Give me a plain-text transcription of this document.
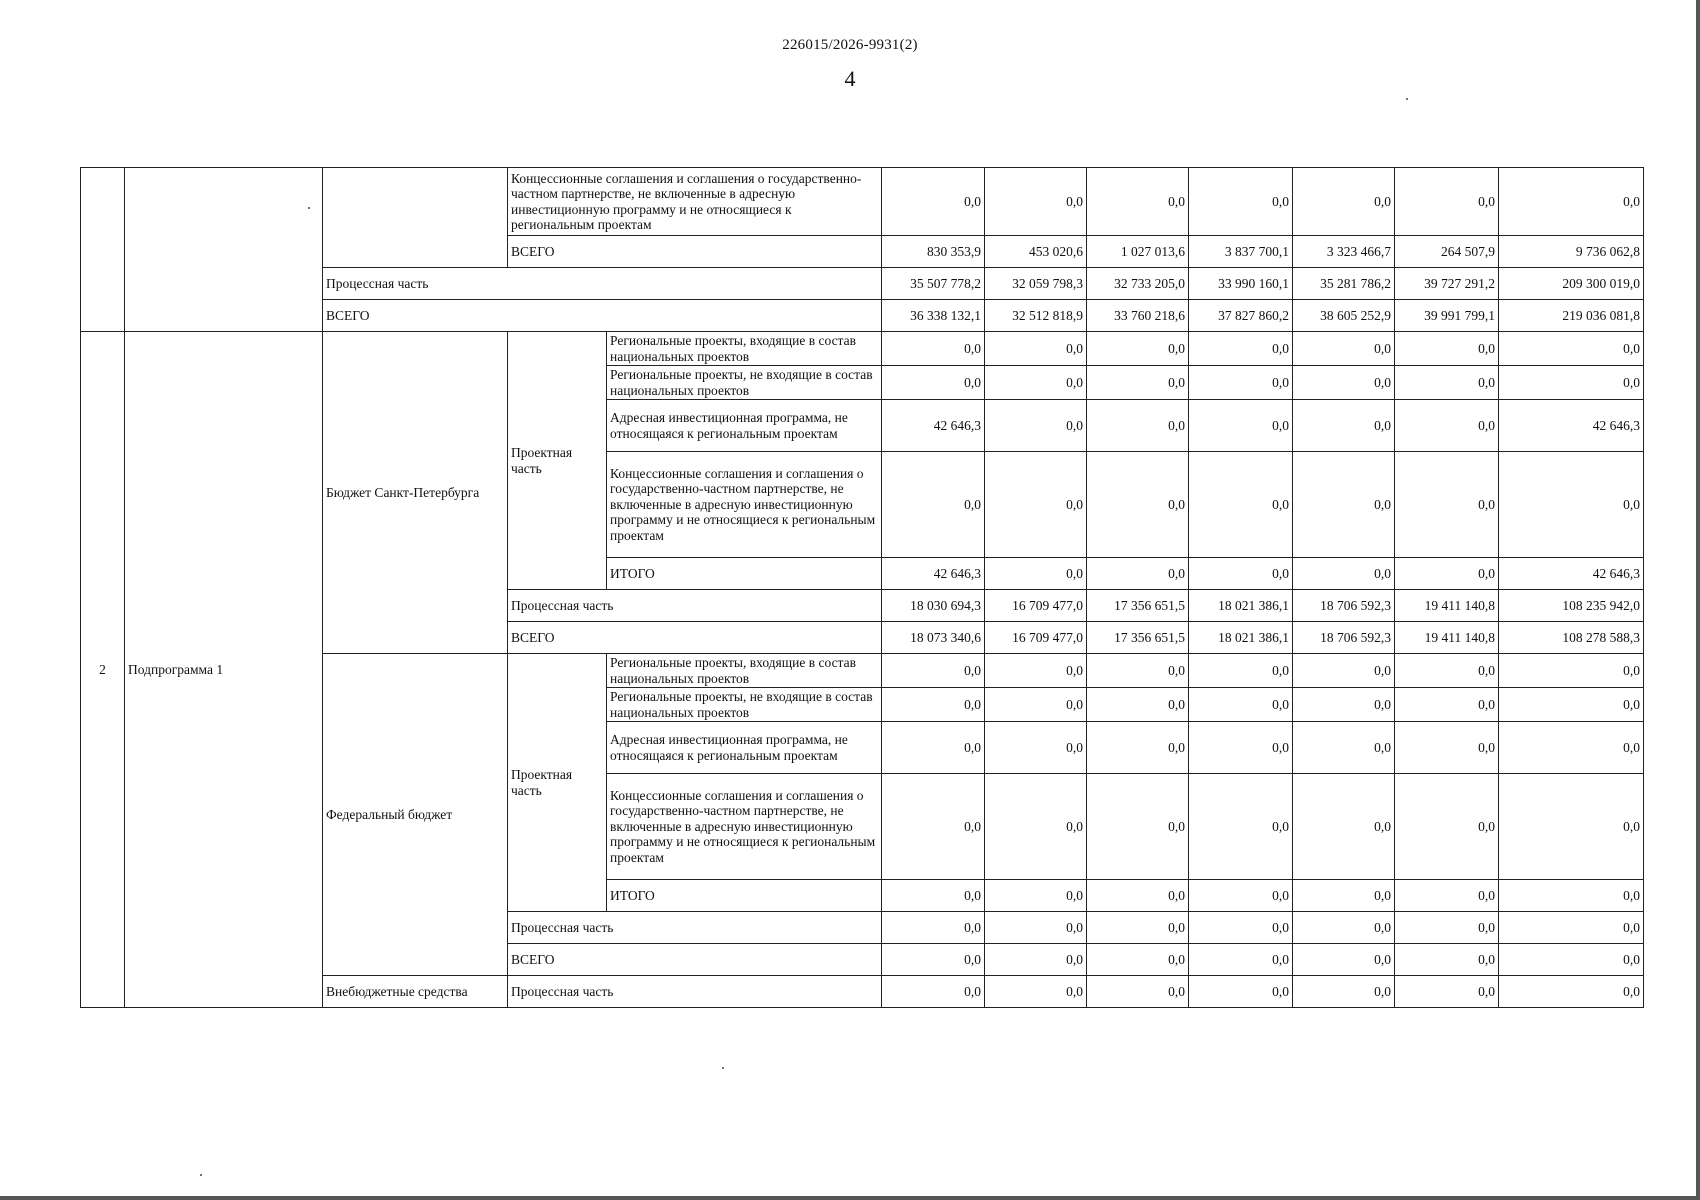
226015/2026-9931(2)
4
			Концессионные соглашения и соглашения о государственно-частном партнерстве, не включенные в адресную инвестиционную программу и не относящиеся к региональным проектам		0,0	0,0	0,0	0,0	0,0	0,0	0,0
			ВСЕГО		830 353,9	453 020,6	1 027 013,6	3 837 700,1	3 323 466,7	264 507,9	9 736 062,8
		Процессная часть			35 507 778,2	32 059 798,3	32 733 205,0	33 990 160,1	35 281 786,2	39 727 291,2	209 300 019,0
		ВСЕГО			36 338 132,1	32 512 818,9	33 760 218,6	37 827 860,2	38 605 252,9	39 991 799,1	219 036 081,8
2	Подпрограмма 1	Бюджет Санкт-Петербурга	Проектная часть	Региональные проекты, входящие в состав национальных проектов	0,0	0,0	0,0	0,0	0,0	0,0	0,0
				Региональные проекты, не входящие в состав национальных проектов	0,0	0,0	0,0	0,0	0,0	0,0	0,0
				Адресная инвестиционная программа, не относящаяся к региональным проектам	42 646,3	0,0	0,0	0,0	0,0	0,0	42 646,3
				Концессионные соглашения и соглашения о государственно-частном партнерстве, не включенные в адресную инвестиционную программу и не относящиеся к региональным проектам	0,0	0,0	0,0	0,0	0,0	0,0	0,0
				ИТОГО	42 646,3	0,0	0,0	0,0	0,0	0,0	42 646,3
			Процессная часть		18 030 694,3	16 709 477,0	17 356 651,5	18 021 386,1	18 706 592,3	19 411 140,8	108 235 942,0
			ВСЕГО		18 073 340,6	16 709 477,0	17 356 651,5	18 021 386,1	18 706 592,3	19 411 140,8	108 278 588,3
		Федеральный бюджет	Проектная часть	Региональные проекты, входящие в состав национальных проектов	0,0	0,0	0,0	0,0	0,0	0,0	0,0
				Региональные проекты, не входящие в состав национальных проектов	0,0	0,0	0,0	0,0	0,0	0,0	0,0
				Адресная инвестиционная программа, не относящаяся к региональным проектам	0,0	0,0	0,0	0,0	0,0	0,0	0,0
				Концессионные соглашения и соглашения о государственно-частном партнерстве, не включенные в адресную инвестиционную программу и не относящиеся к региональным проектам	0,0	0,0	0,0	0,0	0,0	0,0	0,0
				ИТОГО	0,0	0,0	0,0	0,0	0,0	0,0	0,0
			Процессная часть		0,0	0,0	0,0	0,0	0,0	0,0	0,0
			ВСЕГО		0,0	0,0	0,0	0,0	0,0	0,0	0,0
		Внебюджетные средства	Процессная часть		0,0	0,0	0,0	0,0	0,0	0,0	0,0
